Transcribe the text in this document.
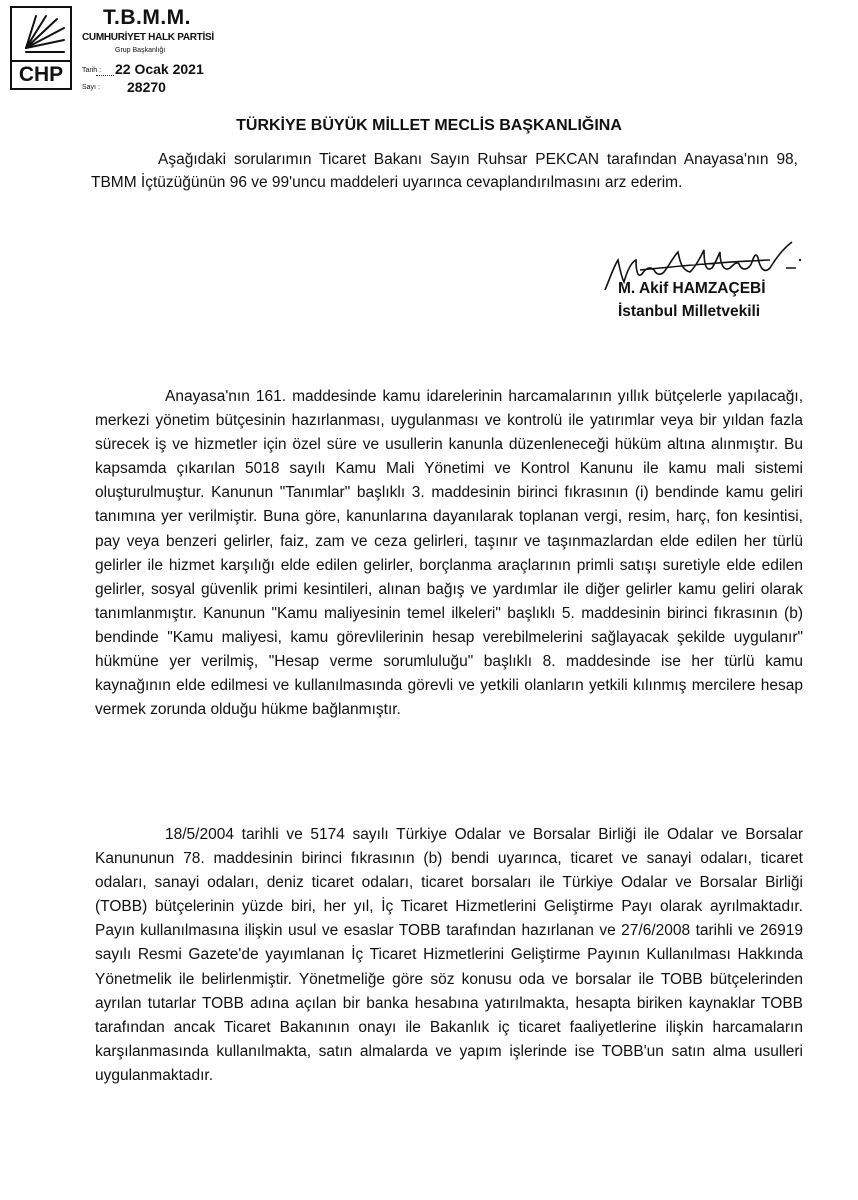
CHP
T.B.M.M.
CUMHURİYET HALK PARTİSİ
Grup Başkanlığı
Tarih : 22 Ocak 2021
Sayı : 28270
TÜRKİYE BÜYÜK MİLLET MECLİS BAŞKANLIĞINA
Aşağıdaki sorularımın Ticaret Bakanı Sayın Ruhsar PEKCAN tarafından Anayasa'nın 98, TBMM İçtüzüğünün 96 ve 99'uncu maddeleri uyarınca cevaplandırılmasını arz ederim.
M. Akif HAMZAÇEBİ
İstanbul Milletvekili
Anayasa'nın 161. maddesinde kamu idarelerinin harcamalarının yıllık bütçelerle yapılacağı, merkezi yönetim bütçesinin hazırlanması, uygulanması ve kontrolü ile yatırımlar veya bir yıldan fazla sürecek iş ve hizmetler için özel süre ve usullerin kanunla düzenleneceği hüküm altına alınmıştır. Bu kapsamda çıkarılan 5018 sayılı Kamu Mali Yönetimi ve Kontrol Kanunu ile kamu mali sistemi oluşturulmuştur. Kanunun "Tanımlar" başlıklı 3. maddesinin birinci fıkrasının (i) bendinde kamu geliri tanımına yer verilmiştir. Buna göre, kanunlarına dayanılarak toplanan vergi, resim, harç, fon kesintisi, pay veya benzeri gelirler, faiz, zam ve ceza gelirleri, taşınır ve taşınmazlardan elde edilen her türlü gelirler ile hizmet karşılığı elde edilen gelirler, borçlanma araçlarının primli satışı suretiyle elde edilen gelirler, sosyal güvenlik primi kesintileri, alınan bağış ve yardımlar ile diğer gelirler kamu geliri olarak tanımlanmıştır. Kanunun "Kamu maliyesinin temel ilkeleri" başlıklı 5. maddesinin birinci fıkrasının (b) bendinde "Kamu maliyesi, kamu görevlilerinin hesap verebilmelerini sağlayacak şekilde uygulanır" hükmüne yer verilmiş, "Hesap verme sorumluluğu" başlıklı 8. maddesinde ise her türlü kamu kaynağının elde edilmesi ve kullanılmasında görevli ve yetkili olanların yetkili kılınmış mercilere hesap vermek zorunda olduğu hükme bağlanmıştır.
18/5/2004 tarihli ve 5174 sayılı Türkiye Odalar ve Borsalar Birliği ile Odalar ve Borsalar Kanununun 78. maddesinin birinci fıkrasının (b) bendi uyarınca, ticaret ve sanayi odaları, ticaret odaları, sanayi odaları, deniz ticaret odaları, ticaret borsaları ile Türkiye Odalar ve Borsalar Birliği (TOBB) bütçelerinin yüzde biri, her yıl, İç Ticaret Hizmetlerini Geliştirme Payı olarak ayrılmaktadır. Payın kullanılmasına ilişkin usul ve esaslar TOBB tarafından hazırlanan ve 27/6/2008 tarihli ve 26919 sayılı Resmi Gazete'de yayımlanan İç Ticaret Hizmetlerini Geliştirme Payının Kullanılması Hakkında Yönetmelik ile belirlenmiştir. Yönetmeliğe göre söz konusu oda ve borsalar ile TOBB bütçelerinden ayrılan tutarlar TOBB adına açılan bir banka hesabına yatırılmakta, hesapta biriken kaynaklar TOBB tarafından ancak Ticaret Bakanının onayı ile Bakanlık iç ticaret faaliyetlerine ilişkin harcamaların karşılanmasında kullanılmakta, satın almalarda ve yapım işlerinde ise TOBB'un satın alma usulleri uygulanmaktadır.
